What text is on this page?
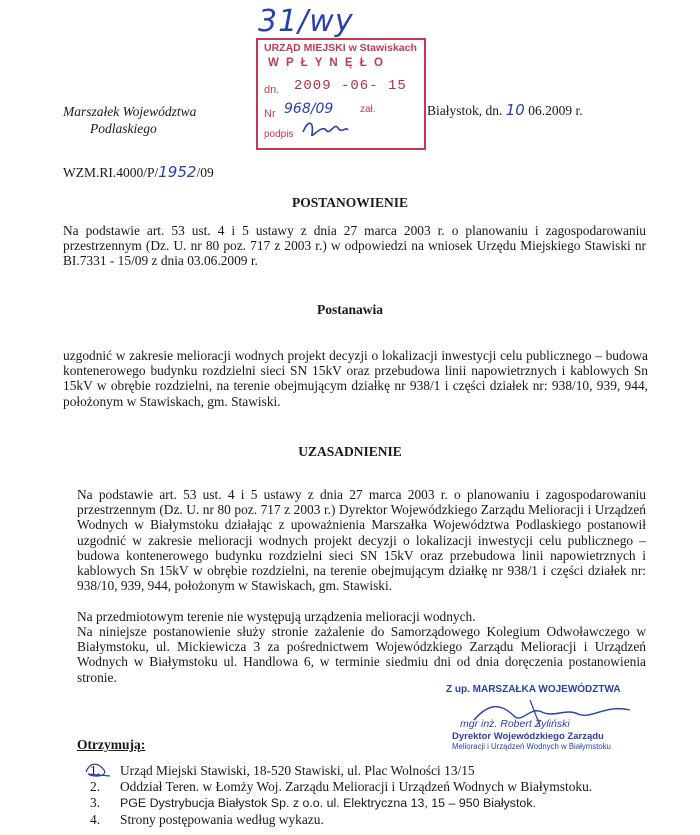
31/wy
URZĄD MIEJSKI w Stawiskach
W P Ł Y N Ę Ł O
dn. 2009 -06- 15
Nr 968/09	zał.
podpis
Marszałek Województwa
Podlaskiego
Białystok, dn. 10 06.2009 r.
WZM.RI.4000/P/1952/09
POSTANOWIENIE
Na podstawie art. 53 ust. 4 i 5 ustawy z dnia 27 marca 2003 r. o planowaniu i zagospodarowaniu przestrzennym (Dz. U. nr 80 poz. 717 z 2003 r.) w odpowiedzi na wniosek Urzędu Miejskiego Stawiski nr BI.7331 - 15/09 z dnia 03.06.2009 r.
Postanawia
uzgodnić w zakresie melioracji wodnych projekt decyzji o lokalizacji inwestycji celu publicznego – budowa kontenerowego budynku rozdzielni sieci SN 15kV oraz przebudowa linii napowietrznych i kablowych Sn 15kV w obrębie rozdzielni, na terenie obejmującym działkę nr 938/1 i części działek nr: 938/10, 939, 944, położonym w Stawiskach, gm. Stawiski.
UZASADNIENIE
Na podstawie art. 53 ust. 4 i 5 ustawy z dnia 27 marca 2003 r. o planowaniu i zagospodarowaniu przestrzennym (Dz. U. nr 80 poz. 717 z 2003 r.) Dyrektor Wojewódzkiego Zarządu Melioracji i Urządzeń Wodnych w Białymstoku działając z upoważnienia Marszałka Województwa Podlaskiego postanowił uzgodnić w zakresie melioracji wodnych projekt decyzji o lokalizacji inwestycji celu publicznego – budowa kontenerowego budynku rozdzielni sieci SN 15kV oraz przebudowa linii napowietrznych i kablowych Sn 15kV w obrębie rozdzielni, na terenie obejmującym działkę nr 938/1 i części działek nr: 938/10, 939, 944, położonym w Stawiskach, gm. Stawiski.
Na przedmiotowym terenie nie występują urządzenia melioracji wodnych.
Na niniejsze postanowienie służy stronie zażalenie do Samorządowego Kolegium Odwoławczego w Białymstoku, ul. Mickiewicza 3 za pośrednictwem Wojewódzkiego Zarządu Melioracji i Urządzeń Wodnych w Białymstoku ul. Handlowa 6, w terminie siedmiu dni od dnia doręczenia postanowienia stronie.
Z up. MARSZAŁKA WOJEWÓDZTWA
mgr inż. Robert Żyliński
Dyrektor Wojewódzkiego Zarządu
Melioracji i Urządzeń Wodnych w Białymstoku
Otrzymują:
1. Urząd Miejski Stawiski, 18-520 Stawiski, ul. Plac Wolności 13/15
2. Oddział Teren. w Łomży Woj. Zarządu Melioracji i Urządzeń Wodnych w Białymstoku.
3. PGE Dystrybucja Białystok Sp. z o.o. ul. Elektryczna 13, 15 – 950 Białystok.
4. Strony postępowania według wykazu.
